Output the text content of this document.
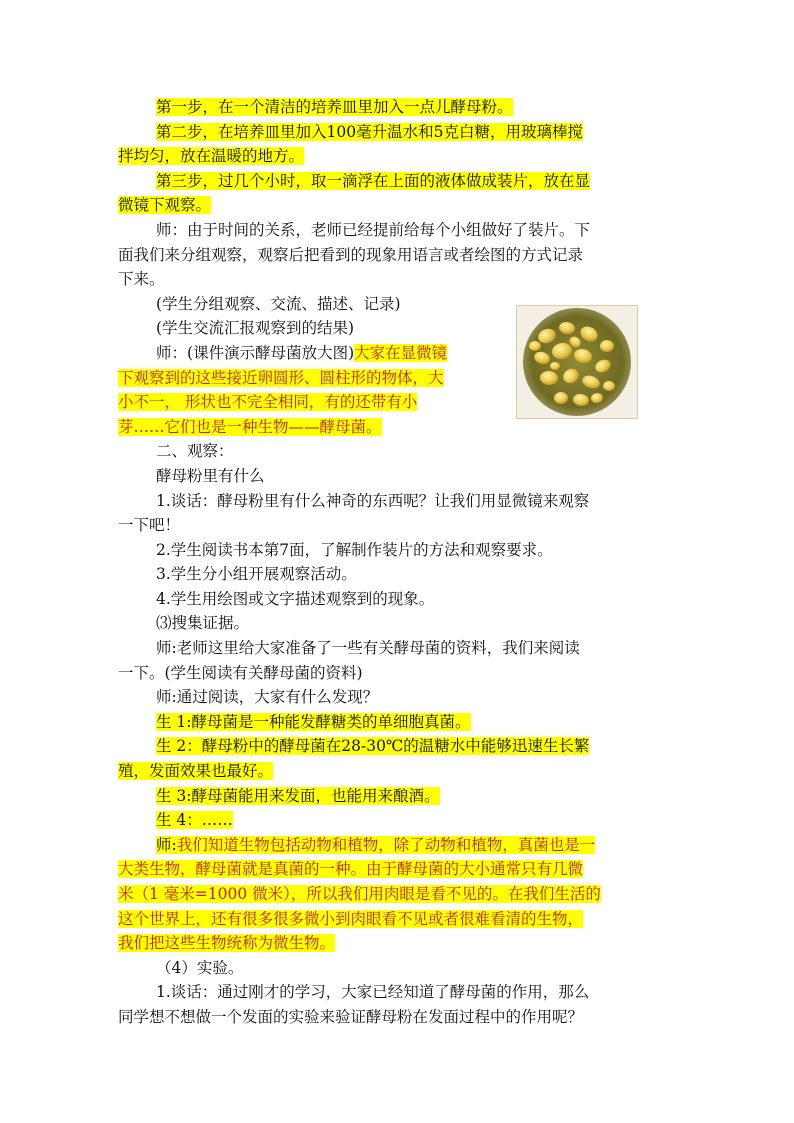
第一步，在一个清洁的培养皿里加入一点儿酵母粉。
第二步，在培养皿里加入100毫升温水和5克白糖，用玻璃棒搅
拌均匀，放在温暖的地方。
第三步，过几个小时，取一滴浮在上面的液体做成装片，放在显
微镜下观察。
师：由于时间的关系，老师已经提前给每个小组做好了装片。下
面我们来分组观察，观察后把看到的现象用语言或者绘图的方式记录
下来。
(学生分组观察、交流、描述、记录)
(学生交流汇报观察到的结果)
师：(课件演示酵母菌放大图)大家在显微镜
下观察到的这些接近卵圆形、圆柱形的物体，大
小不一， 形状也不完全相同，有的还带有小
芽……它们也是一种生物——酵母菌。
二、观察：
酵母粉里有什么
1.谈话：酵母粉里有什么神奇的东西呢？让我们用显微镜来观察
一下吧！
2.学生阅读书本第7面，了解制作装片的方法和观察要求。
3.学生分小组开展观察活动。
4.学生用绘图或文字描述观察到的现象。
⑶搜集证据。
师:老师这里给大家准备了一些有关酵母菌的资料，我们来阅读
一下。(学生阅读有关酵母菌的资料)
师:通过阅读，大家有什么发现？
生 1:酵母菌是一种能发酵糖类的单细胞真菌。
生 2：酵母粉中的酵母菌在28-30℃的温糖水中能够迅速生长繁
殖，发面效果也最好。
生 3:酵母菌能用来发面，也能用来酿酒。
生 4：……
师:我们知道生物包括动物和植物，除了动物和植物，真菌也是一
大类生物，酵母菌就是真菌的一种。由于酵母菌的大小通常只有几微
米（1 毫米=1000 微米），所以我们用肉眼是看不见的。在我们生活的
这个世界上，还有很多很多微小到肉眼看不见或者很难看清的生物，
我们把这些生物统称为微生物。
（4）实验。
1.谈话：通过刚才的学习，大家已经知道了酵母菌的作用，那么
同学想不想做一个发面的实验来验证酵母粉在发面过程中的作用呢？
